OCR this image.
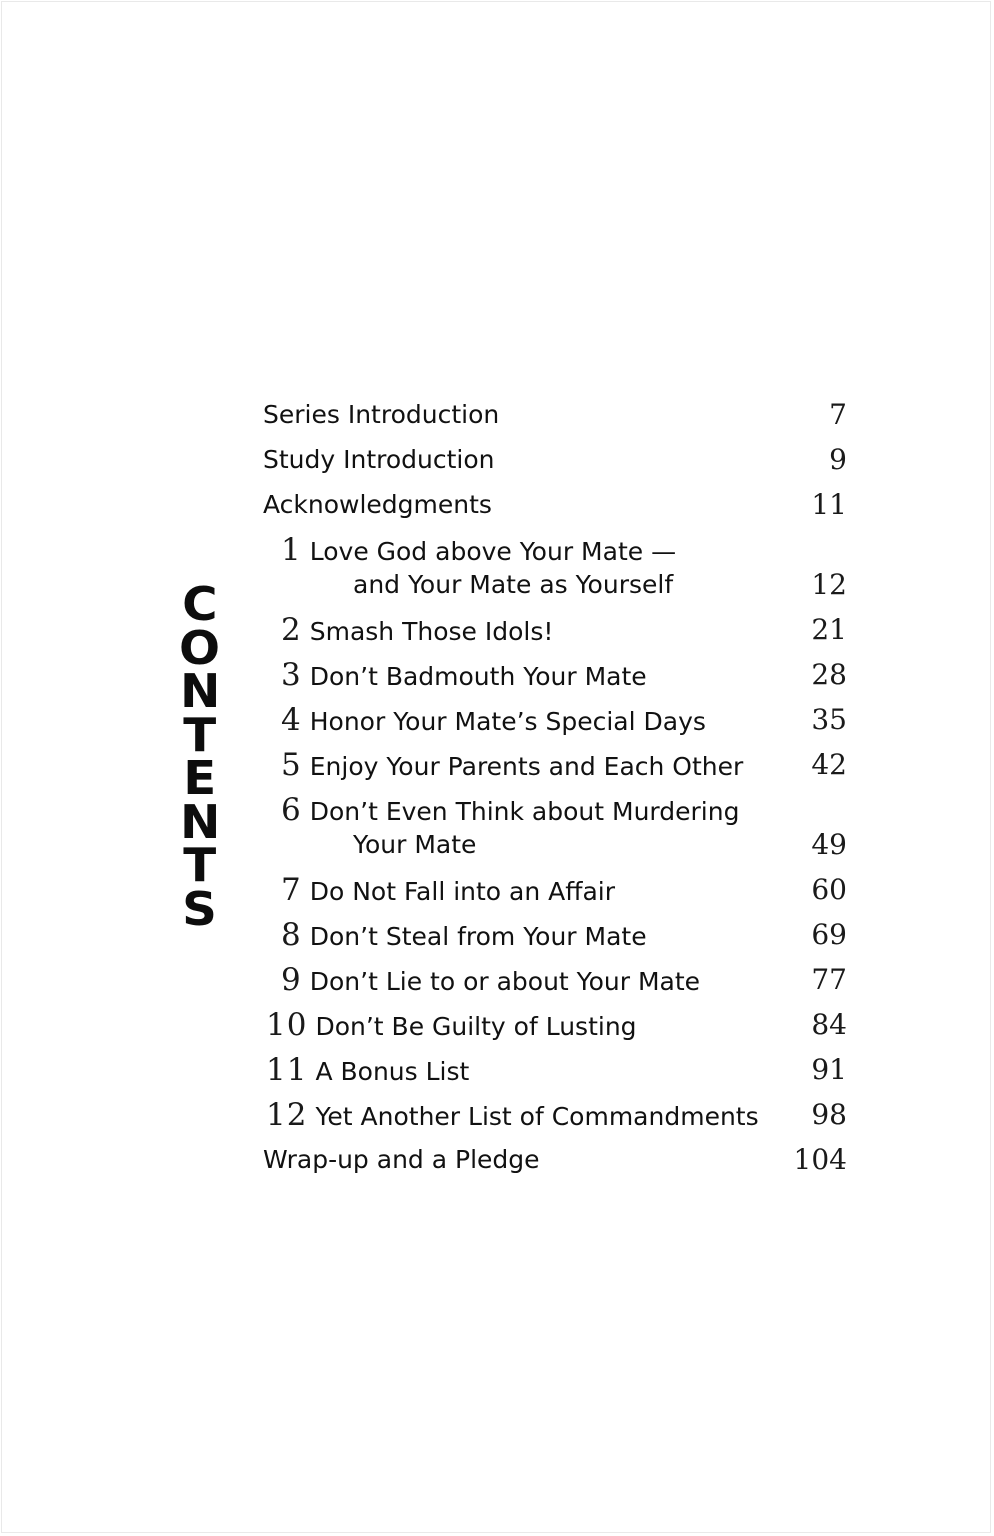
C
O
N
T
E
N
T
S
Series Introduction	7
Study Introduction	9
Acknowledgments	11
1 Love God above Your Mate —
and Your Mate as Yourself	12
2 Smash Those Idols!	21
3 Don’t Badmouth Your Mate	28
4 Honor Your Mate’s Special Days	35
5 Enjoy Your Parents and Each Other 42
6 Don’t Even Think about Murdering
Your Mate	49
7 Do Not Fall into an Affair	60
8 Don’t Steal from Your Mate	69
9 Don’t Lie to or about Your Mate	77
10 Don’t Be Guilty of Lusting	84
11 A Bonus List	91
12 Yet Another List of Commandments 98
Wrap-up and a Pledge	104
